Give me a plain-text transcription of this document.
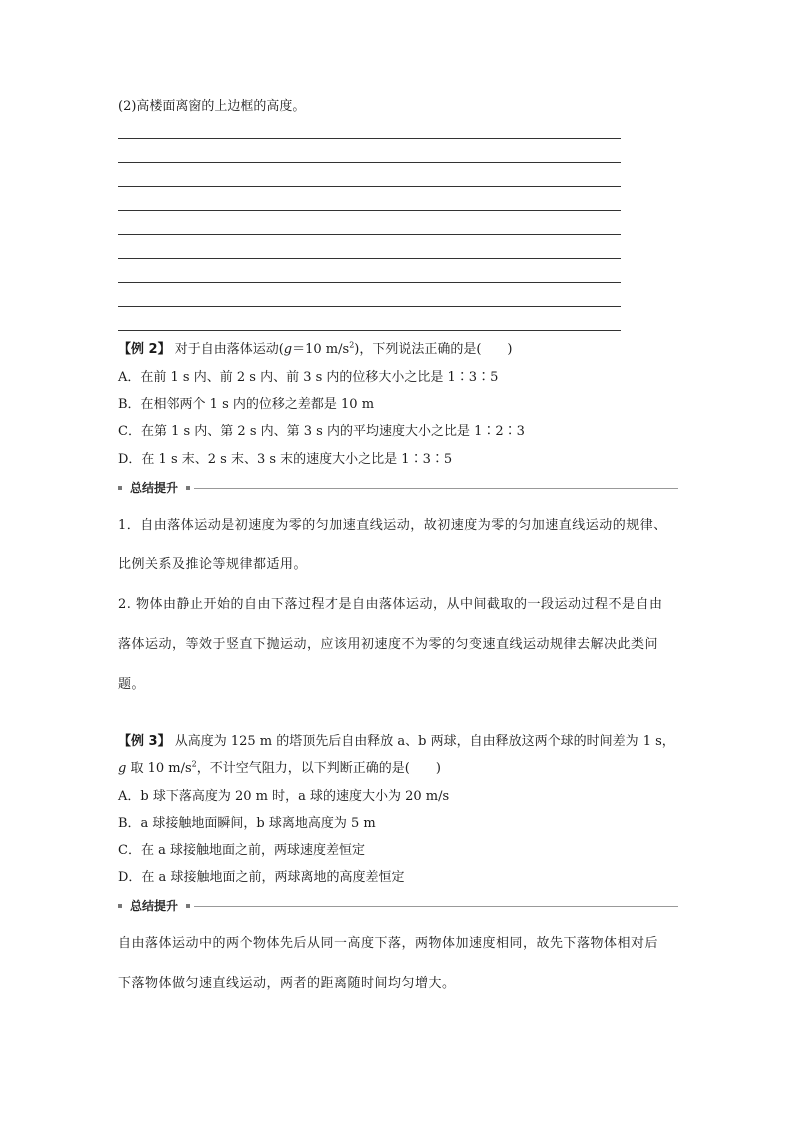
(2)高楼面离窗的上边框的高度。
【例 2】 对于自由落体运动(g＝10 $m/s^2$)，下列说法正确的是(　　)
A．在前 1 s 内、前 2 s 内、前 3 s 内的位移大小之比是 1∶3∶5
B．在相邻两个 1 s 内的位移之差都是 10 m
C．在第 1 s 内、第 2 s 内、第 3 s 内的平均速度大小之比是 1∶2∶3
D．在 1 s 末、2 s 末、3 s 末的速度大小之比是 1∶3∶5
总结提升
1．自由落体运动是初速度为零的匀加速直线运动，故初速度为零的匀加速直线运动的规律、
比例关系及推论等规律都适用。
2. 物体由静止开始的自由下落过程才是自由落体运动，从中间截取的一段运动过程不是自由
落体运动，等效于竖直下抛运动，应该用初速度不为零的匀变速直线运动规律去解决此类问
题。
【例 3】 从高度为 125 m 的塔顶先后自由释放 a、b 两球，自由释放这两个球的时间差为 1 s，
g 取 10 $m/s^2$，不计空气阻力，以下判断正确的是(　　)
A．b 球下落高度为 20 m 时，a 球的速度大小为 20 m/s
B．a 球接触地面瞬间，b 球离地高度为 5 m
C．在 a 球接触地面之前，两球速度差恒定
D．在 a 球接触地面之前，两球离地的高度差恒定
总结提升
自由落体运动中的两个物体先后从同一高度下落，两物体加速度相同，故先下落物体相对后
下落物体做匀速直线运动，两者的距离随时间均匀增大。
